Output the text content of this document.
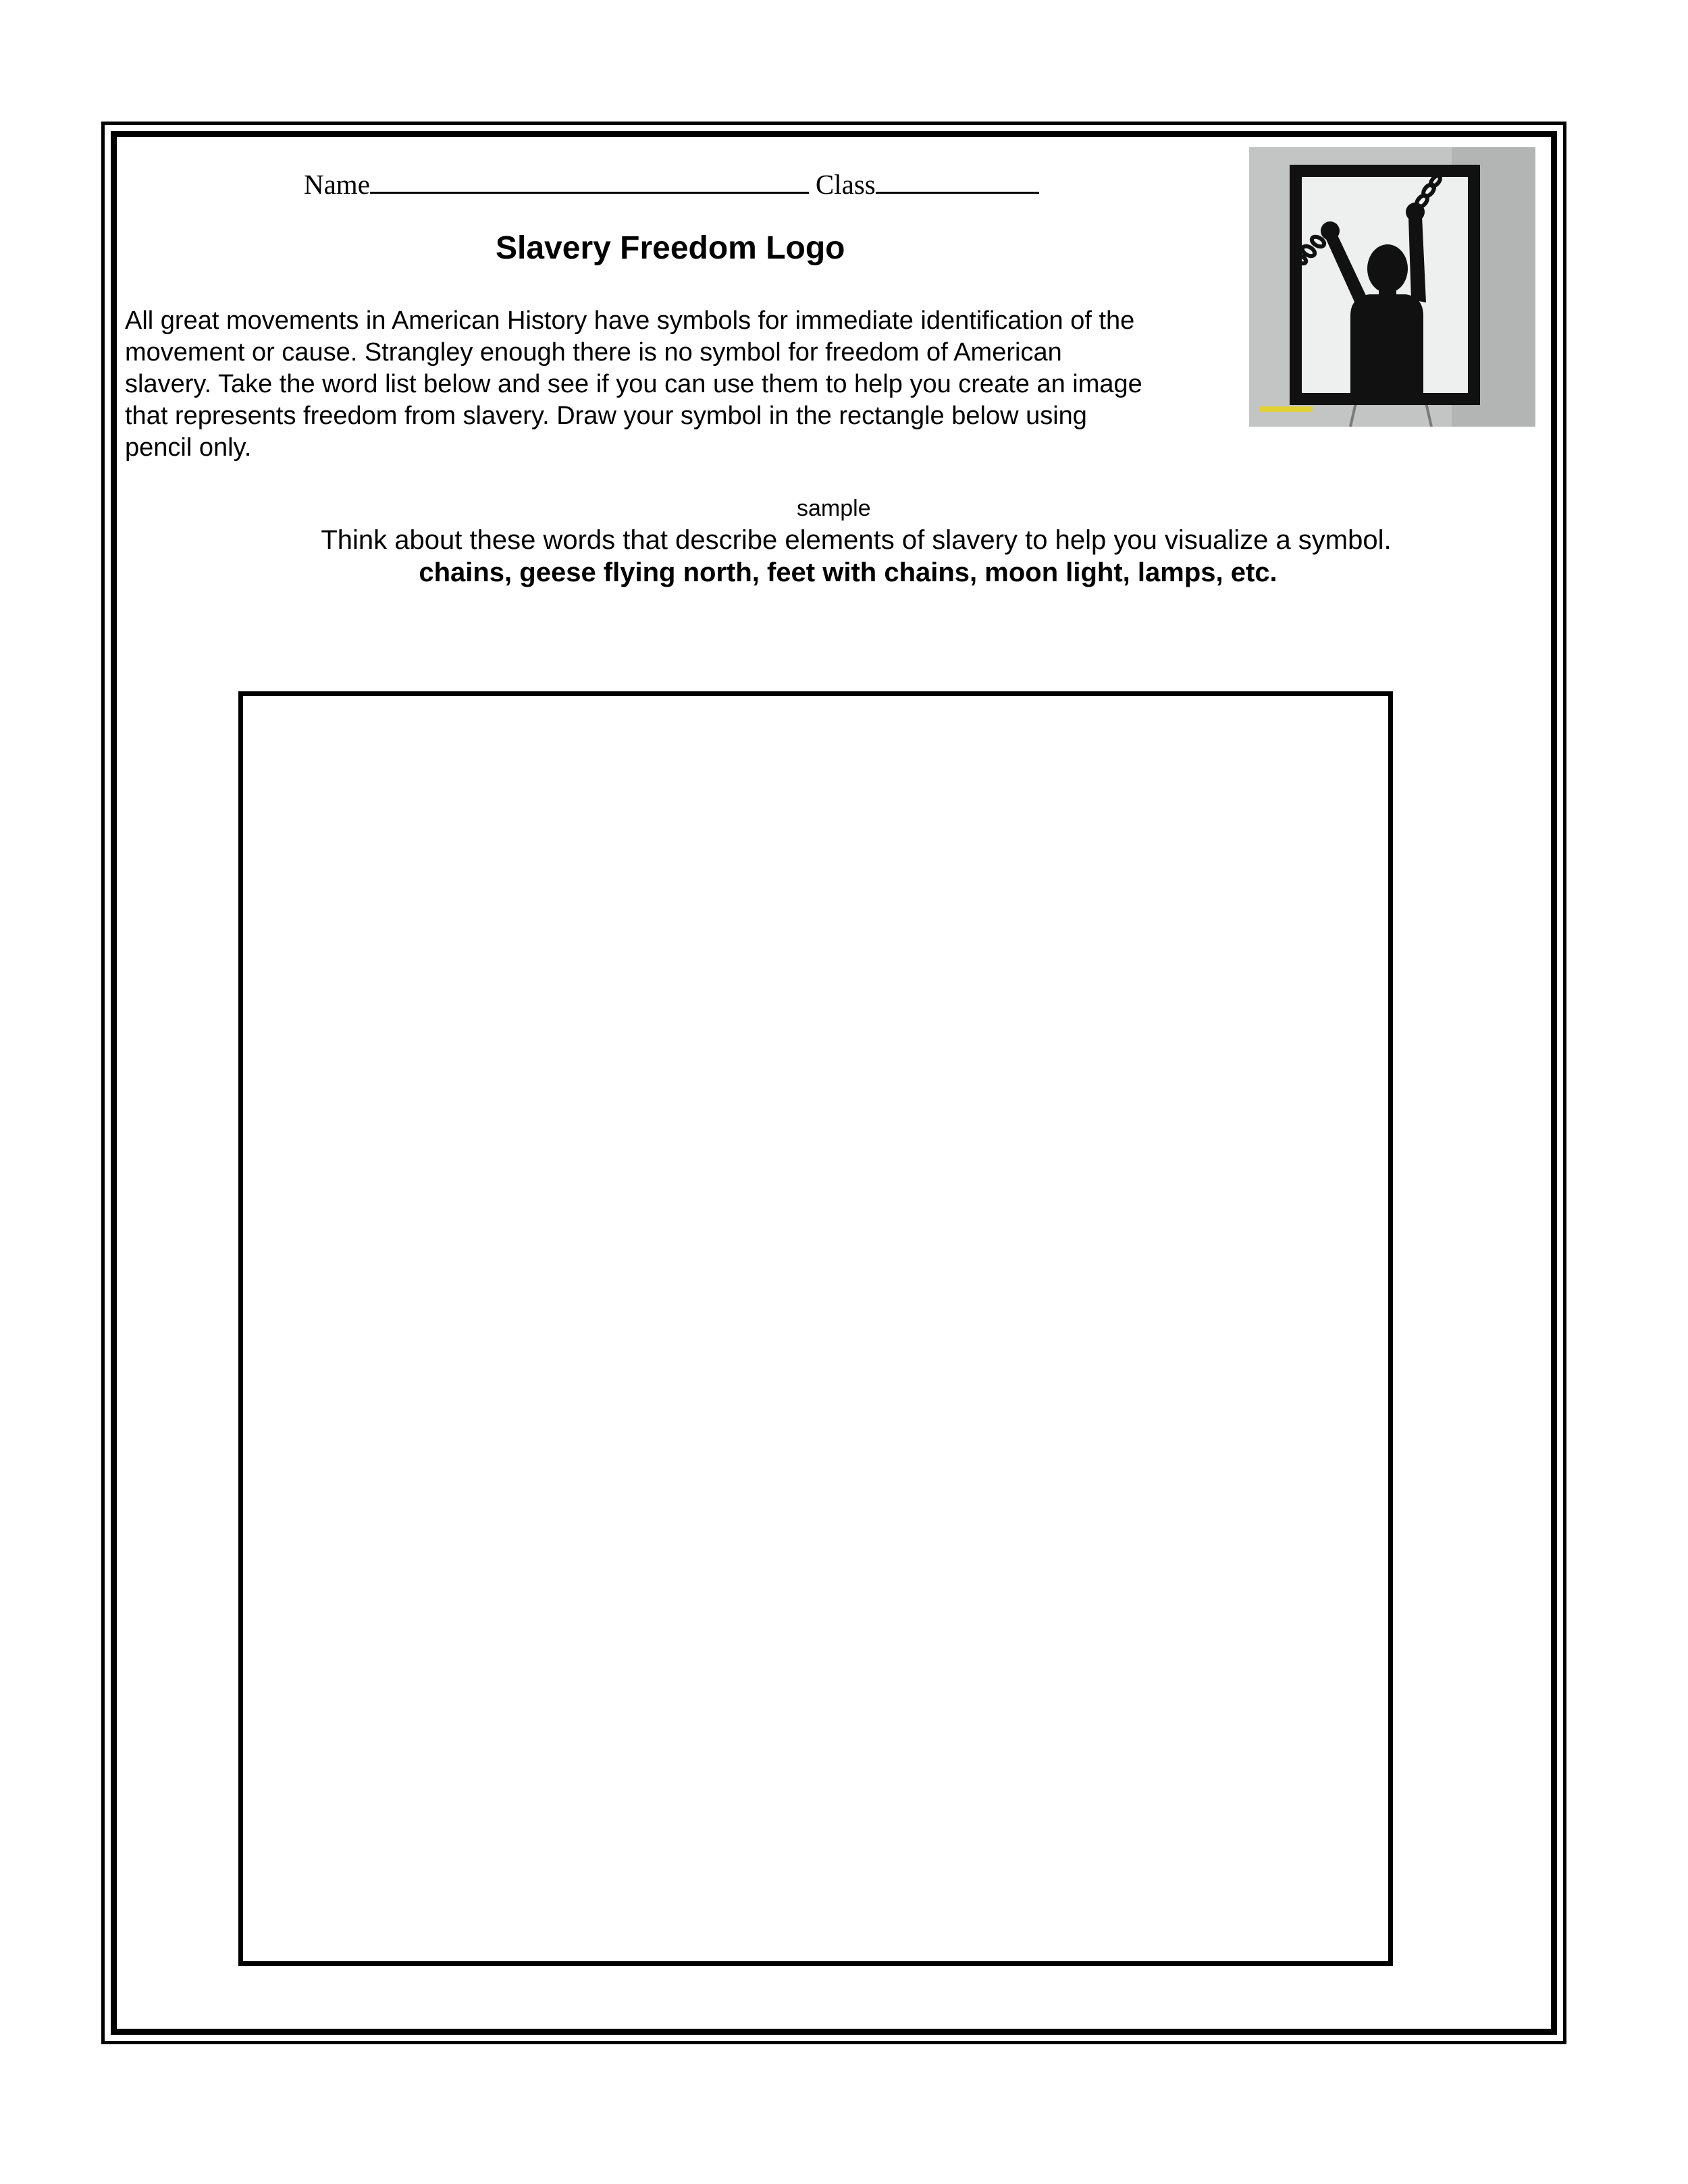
Name	Class
Slavery Freedom Logo
All great movements in American History have symbols for immediate identification of the
movement or cause. Strangley enough there is no symbol for freedom of American
slavery. Take the word list below and see if you can use them to help you create an image
that represents freedom from slavery. Draw your symbol in the rectangle below using
pencil only.
sample
Think about these words that describe elements of slavery to help you visualize a symbol.
chains, geese flying north, feet with chains, moon light, lamps, etc.
